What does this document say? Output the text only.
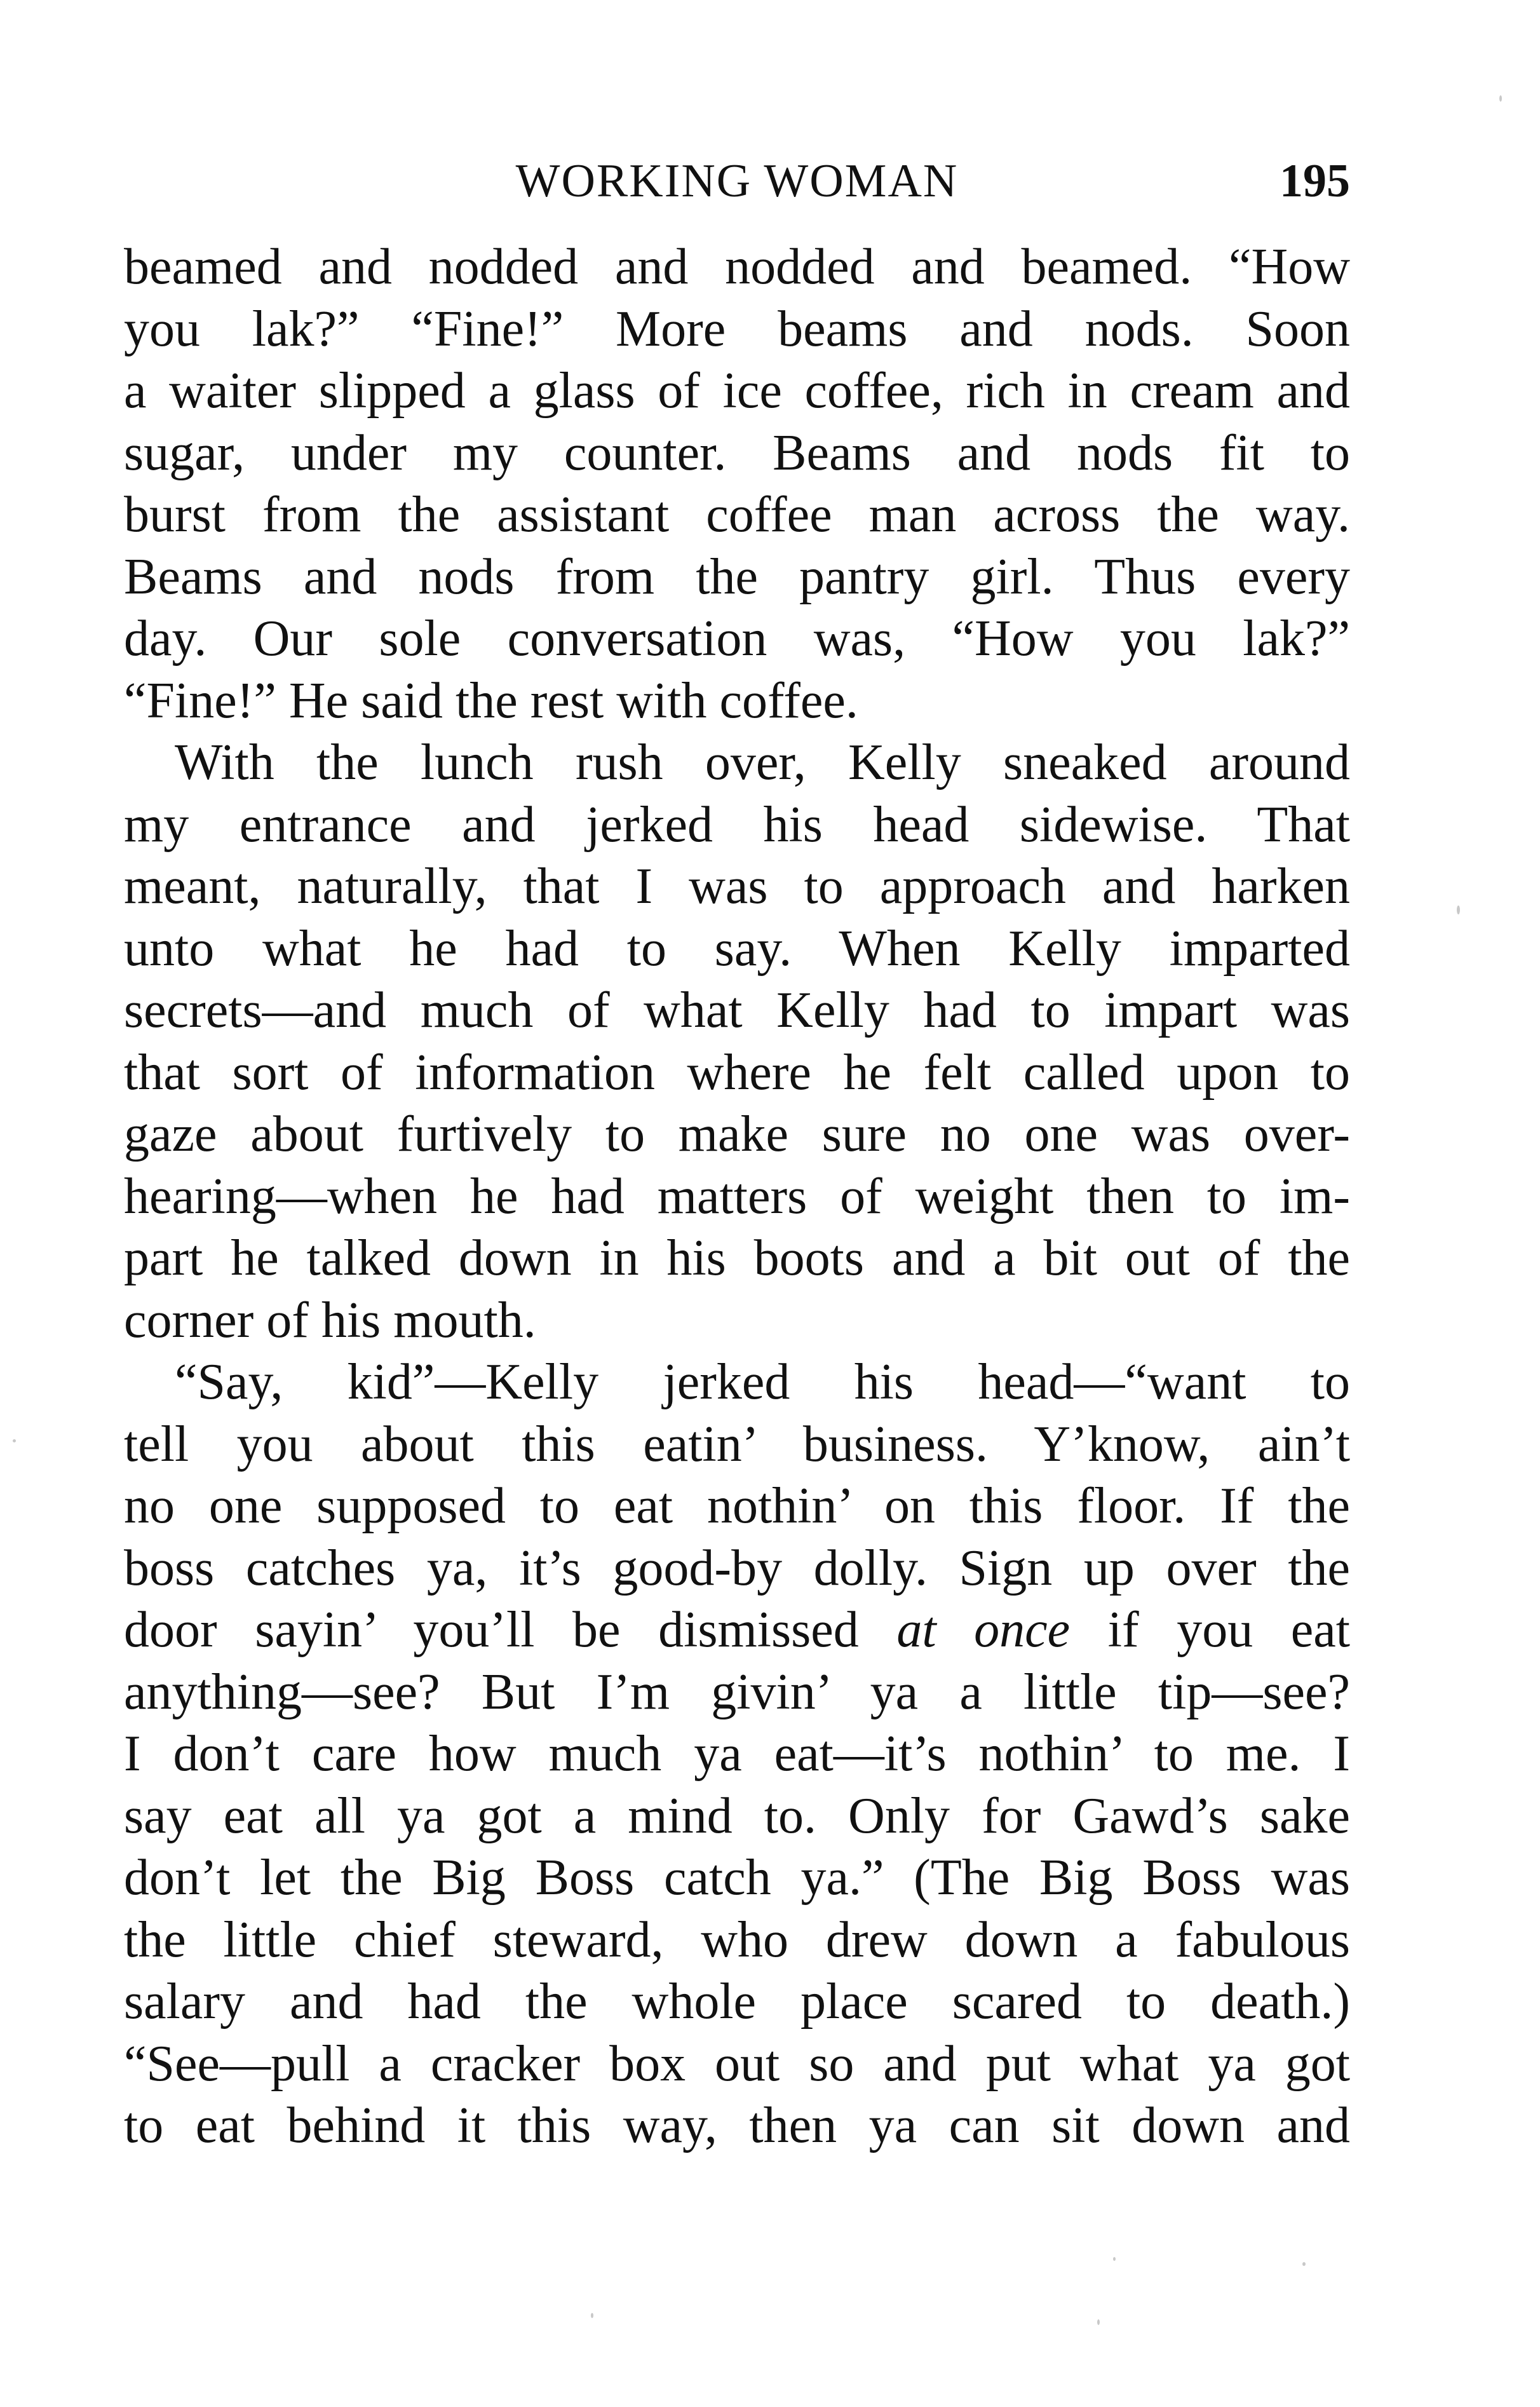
WORKING WOMAN	195
beamed and nodded and nodded and beamed. “How
you lak?” “Fine!” More beams and nods. Soon
a waiter slipped a glass of ice coffee, rich in cream and
sugar, under my counter. Beams and nods fit to
burst from the assistant coffee man across the way.
Beams and nods from the pantry girl. Thus every
day. Our sole conversation was, “How you lak?”
“Fine!” He said the rest with coffee.
With the lunch rush over, Kelly sneaked around
my entrance and jerked his head sidewise. That
meant, naturally, that I was to approach and harken
unto what he had to say. When Kelly imparted
secrets—and much of what Kelly had to impart was
that sort of information where he felt called upon to
gaze about furtively to make sure no one was over-
hearing—when he had matters of weight then to im-
part he talked down in his boots and a bit out of the
corner of his mouth.
“Say, kid”—Kelly jerked his head—“want to
tell you about this eatin’ business. Y’know, ain’t
no one supposed to eat nothin’ on this floor. If the
boss catches ya, it’s good-by dolly. Sign up over the
door sayin’ you’ll be dismissed at once if you eat
anything—see? But I’m givin’ ya a little tip—see?
I don’t care how much ya eat—it’s nothin’ to me. I
say eat all ya got a mind to. Only for Gawd’s sake
don’t let the Big Boss catch ya.” (The Big Boss was
the little chief steward, who drew down a fabulous
salary and had the whole place scared to death.)
“See—pull a cracker box out so and put what ya got
to eat behind it this way, then ya can sit down and
